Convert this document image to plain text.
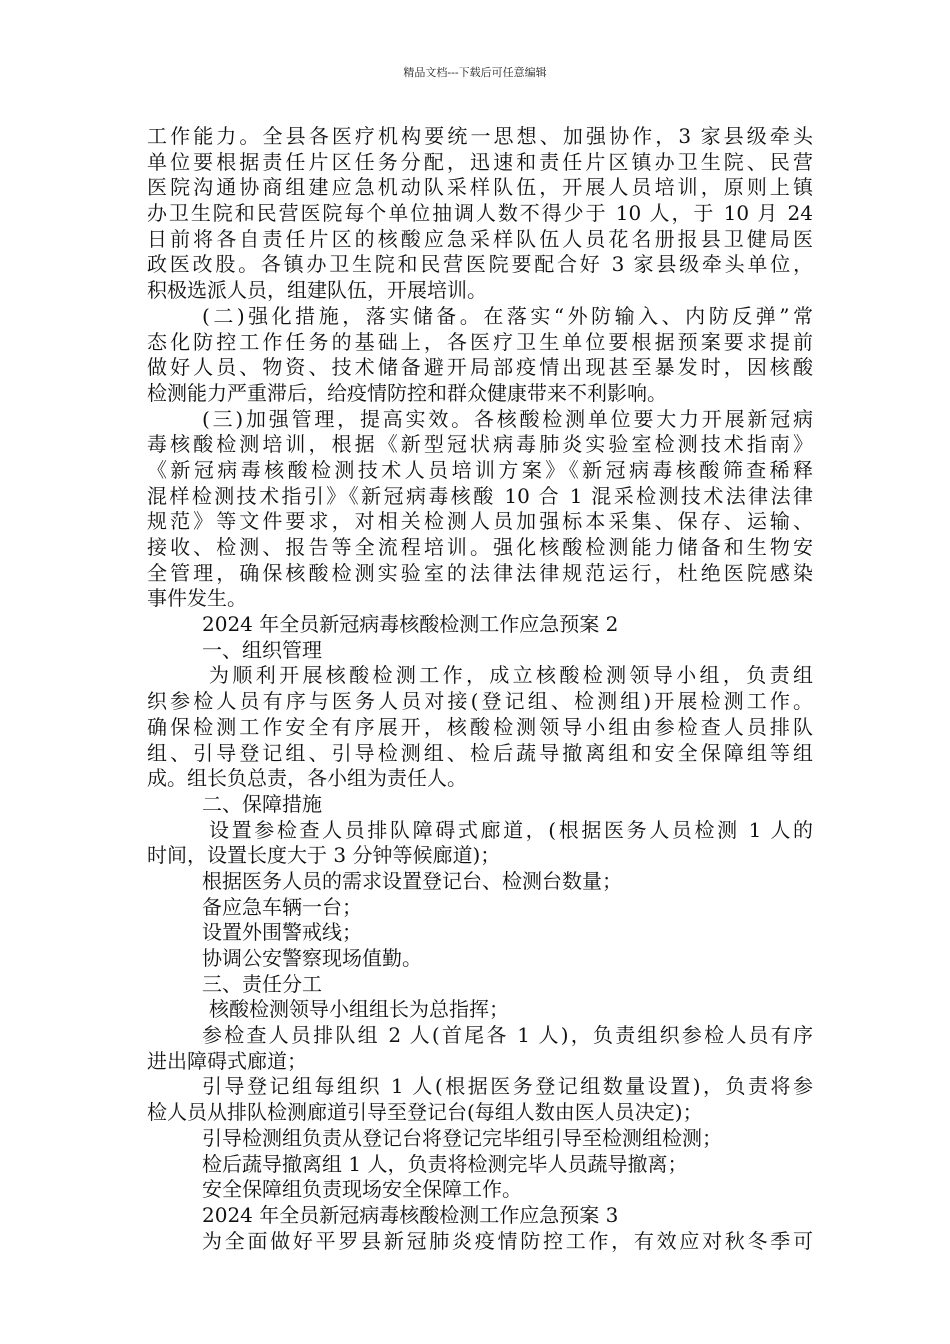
精品文档---下载后可任意编辑
工作能力。全县各医疗机构要统一思想、加强协作，3 家县级牵头
单位要根据责任片区任务分配，迅速和责任片区镇办卫生院、民营
医院沟通协商组建应急机动队采样队伍，开展人员培训，原则上镇
办卫生院和民营医院每个单位抽调人数不得少于 10 人，于 10 月 24
日前将各自责任片区的核酸应急采样队伍人员花名册报县卫健局医
政医改股。各镇办卫生院和民营医院要配合好 3 家县级牵头单位，
积极选派人员，组建队伍，开展培训。
(二)强化措施，落实储备。在落实“外防输入、内防反弹”常
态化防控工作任务的基础上，各医疗卫生单位要根据预案要求提前
做好人员、物资、技术储备避开局部疫情出现甚至暴发时，因核酸
检测能力严重滞后，给疫情防控和群众健康带来不利影响。
(三)加强管理，提高实效。各核酸检测单位要大力开展新冠病
毒核酸检测培训，根据《新型冠状病毒肺炎实验室检测技术指南》
《新冠病毒核酸检测技术人员培训方案》《新冠病毒核酸筛查稀释
混样检测技术指引》《新冠病毒核酸 10 合 1 混采检测技术法律法律
规范》等文件要求，对相关检测人员加强标本采集、保存、运输、
接收、检测、报告等全流程培训。强化核酸检测能力储备和生物安
全管理，确保核酸检测实验室的法律法律规范运行，杜绝医院感染
事件发生。
2024 年全员新冠病毒核酸检测工作应急预案 2
一、组织管理
为顺利开展核酸检测工作，成立核酸检测领导小组，负责组
织参检人员有序与医务人员对接(登记组、检测组)开展检测工作。
确保检测工作安全有序展开，核酸检测领导小组由参检查人员排队
组、引导登记组、引导检测组、检后蔬导撤离组和安全保障组等组
成。组长负总责，各小组为责任人。
二、保障措施
设置参检查人员排队障碍式廊道，(根据医务人员检测 1 人的
时间，设置长度大于 3 分钟等候廊道)；
根据医务人员的需求设置登记台、检测台数量；
备应急车辆一台；
设置外围警戒线；
协调公安警察现场值勤。
三、责任分工
核酸检测领导小组组长为总指挥；
参检查人员排队组 2 人(首尾各 1 人)，负责组织参检人员有序
进出障碍式廊道；
引导登记组每组织 1 人(根据医务登记组数量设置)，负责将参
检人员从排队检测廊道引导至登记台(每组人数由医人员决定)；
引导检测组负责从登记台将登记完毕组引导至检测组检测；
检后蔬导撤离组 1 人，负责将检测完毕人员蔬导撤离；
安全保障组负责现场安全保障工作。
2024 年全员新冠病毒核酸检测工作应急预案 3
为全面做好平罗县新冠肺炎疫情防控工作，有效应对秋冬季可
